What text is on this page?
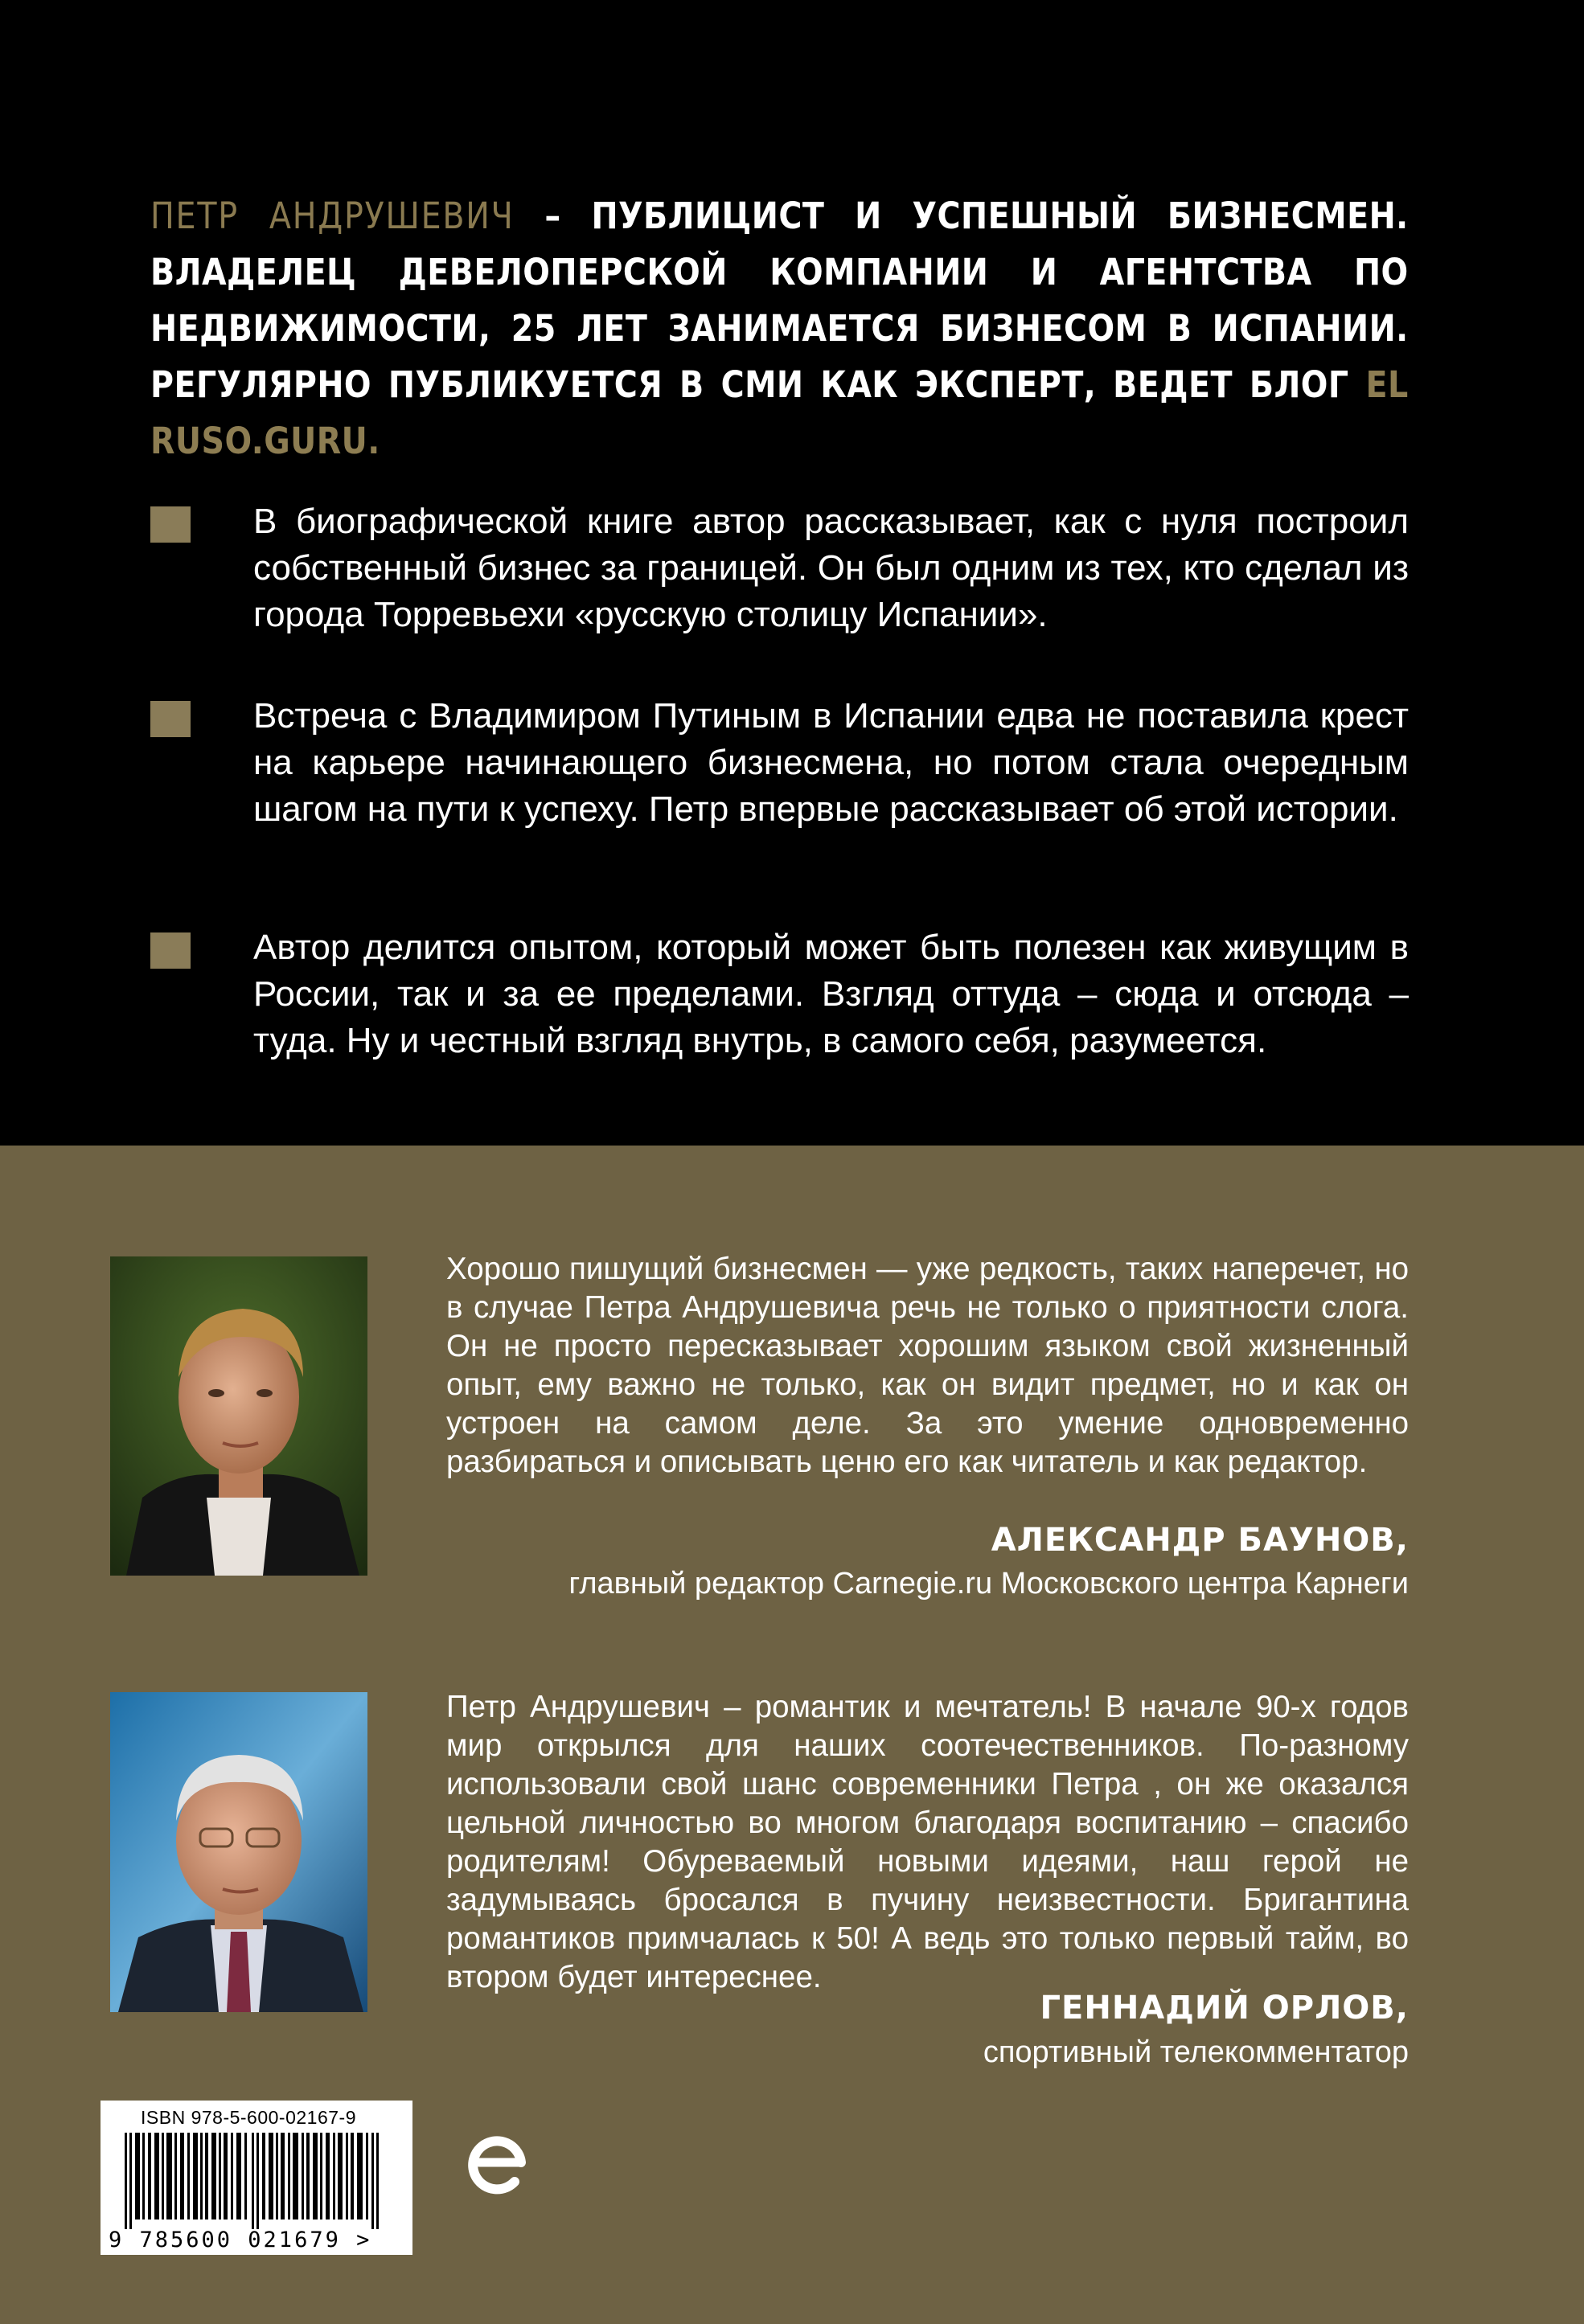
ПЕТР АНДРУШЕВИЧ – ПУБЛИЦИСТ И УСПЕШНЫЙ БИЗНЕСМЕН. ВЛАДЕЛЕЦ ДЕВЕЛОПЕРСКОЙ КОМПАНИИ И АГЕНТСТВА ПО НЕДВИЖИМОСТИ, 25 ЛЕТ ЗАНИМАЕТСЯ БИЗНЕСОМ В ИСПАНИИ. РЕГУЛЯРНО ПУБЛИКУЕТСЯ В СМИ КАК ЭКСПЕРТ, ВЕДЕТ БЛОГ EL RUSO.GURU.
В биографической книге автор рассказывает, как с нуля построил собственный бизнес за границей. Он был одним из тех, кто сделал из города Торревьехи «русскую столицу Испании».
Встреча с Владимиром Путиным в Испании едва не поставила крест на карьере начинающего бизнесмена, но потом стала очередным шагом на пути к успеху. Петр впервые рассказывает об этой истории.
Автор делится опытом, который может быть полезен как живущим в России, так и за ее пределами. Взгляд оттуда – сюда и отсюда – туда. Ну и честный взгляд внутрь, в самого себя, разумеется.
Хорошо пишущий бизнесмен — уже редкость, таких наперечет, но в случае Петра Андрушевича речь не только о приятности слога. Он не просто пересказывает хорошим языком свой жизненный опыт, ему важно не только, как он видит предмет, но и как он устроен на самом деле. За это умение одновременно разбираться и описывать ценю его как читатель и как редактор.
АЛЕКСАНДР БАУНОВ,
главный редактор Carnegie.ru Московского центра Карнеги
Петр Андрушевич – романтик и мечтатель! В начале 90-х годов мир открылся для наших соотечественников. По-разному использовали свой шанс современники Петра , он же оказался цельной личностью во многом благодаря воспитанию – спасибо родителям! Обуреваемый новыми идеями, наш герой не задумываясь бросался в пучину неизвестности. Бригантина романтиков примчалась к 50! А ведь это только первый тайм, во втором будет интереснее.
ГЕННАДИЙ ОРЛОВ,
спортивный телекомментатор
ISBN 978-5-600-02167-9
9 785600 021679 >
